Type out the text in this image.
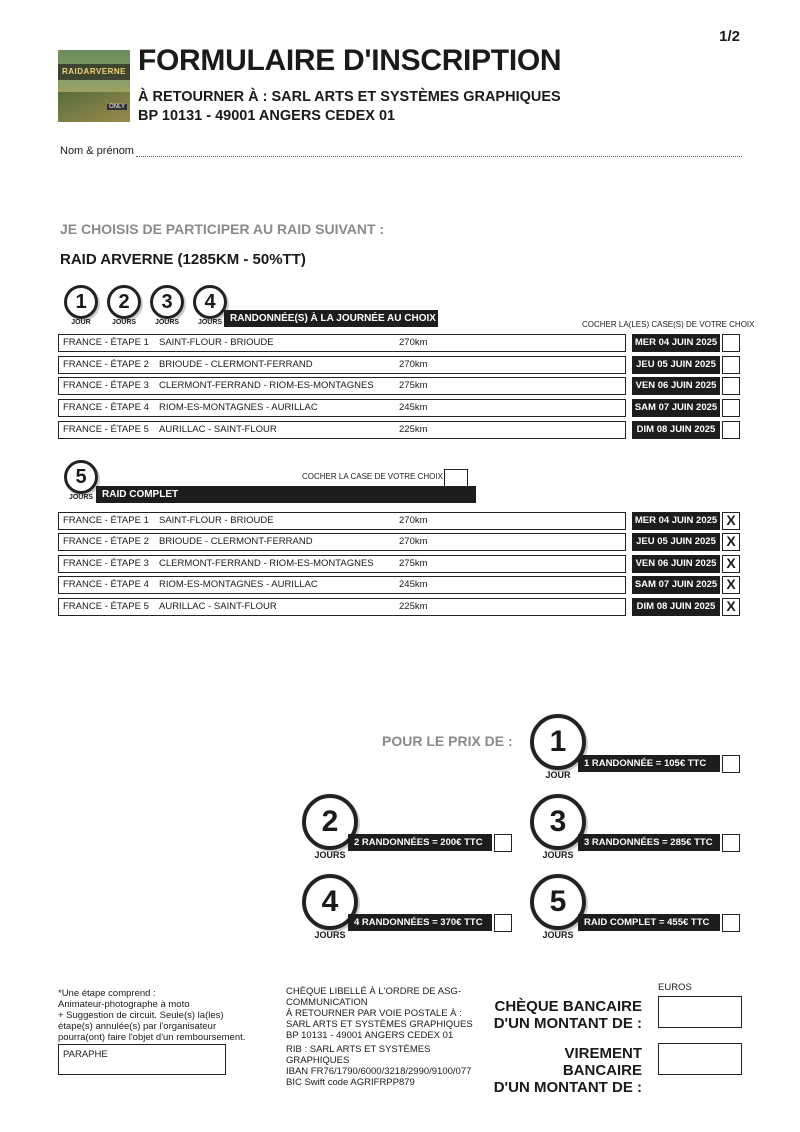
1/2
RAIDARVERNE
ONLY
FORMULAIRE D'INSCRIPTION
À RETOURNER À : SARL ARTS ET SYSTÈMES GRAPHIQUES
BP 10131 - 49001 ANGERS CEDEX 01
Nom & prénom
JE CHOISIS DE PARTICIPER AU RAID SUIVANT :
RAID ARVERNE (1285KM - 50%TT)
1
JOUR
2
JOURS
3
JOURS
4
JOURS RANDONNÉE(S) À LA JOURNÉE AU CHOIX
COCHER LA(LES) CASE(S) DE VOTRE CHOIX
FRANCE - ÉTAPE 1 SAINT-FLOUR - BRIOUDE	270km	MER 04 JUIN 2025
FRANCE - ÉTAPE 2 BRIOUDE - CLERMONT-FERRAND	270km	JEU 05 JUIN 2025
FRANCE - ÉTAPE 3 CLERMONT-FERRAND - RIOM-ES-MONTAGNES	275km	VEN 06 JUIN 2025
FRANCE - ÉTAPE 4 RIOM-ES-MONTAGNES - AURILLAC	245km	SAM 07 JUIN 2025
FRANCE - ÉTAPE 5 AURILLAC - SAINT-FLOUR	225km	DIM 08 JUIN 2025
5
JOURS
COCHER LA CASE DE VOTRE CHOIX
RAID COMPLET
FRANCE - ÉTAPE 1 SAINT-FLOUR - BRIOUDE	270km	MER 04 JUIN 2025 X
FRANCE - ÉTAPE 2 BRIOUDE - CLERMONT-FERRAND	270km	JEU 05 JUIN 2025 X
FRANCE - ÉTAPE 3 CLERMONT-FERRAND - RIOM-ES-MONTAGNES	275km	VEN 06 JUIN 2025 X
FRANCE - ÉTAPE 4 RIOM-ES-MONTAGNES - AURILLAC	245km	SAM 07 JUIN 2025 X
FRANCE - ÉTAPE 5 AURILLAC - SAINT-FLOUR	225km	DIM 08 JUIN 2025 X
POUR LE PRIX DE :	1
JOUR
1 RANDONNÉE = 105€ TTC
2
JOURS
2 RANDONNÉES = 200€ TTC
3
JOURS
3 RANDONNÉES = 285€ TTC
4
JOURS
4 RANDONNÉES = 370€ TTC
5
JOURS
RAID COMPLET = 455€ TTC
*Une étape comprend :
Animateur-photographe à moto
+ Suggestion de circuit. Seule(s) la(les)
étape(s) annulée(s) par l'organisateur
pourra(ont) faire l'objet d'un remboursement.
PARAPHE
CHÈQUE LIBELLÉ À L'ORDRE DE ASG-COMMUNICATION
À RETOURNER PAR VOIE POSTALE À :
SARL ARTS ET SYSTÈMES GRAPHIQUES
BP 10131 - 49001 ANGERS CEDEX 01
RIB : SARL ARTS ET SYSTÈMES GRAPHIQUES
IBAN FR76/1790/6000/3218/2990/9100/077
BIC Swift code AGRIFRPP879
EUROS
CHÈQUE BANCAIRE
D'UN MONTANT DE :
VIREMENT BANCAIRE
D'UN MONTANT DE :
